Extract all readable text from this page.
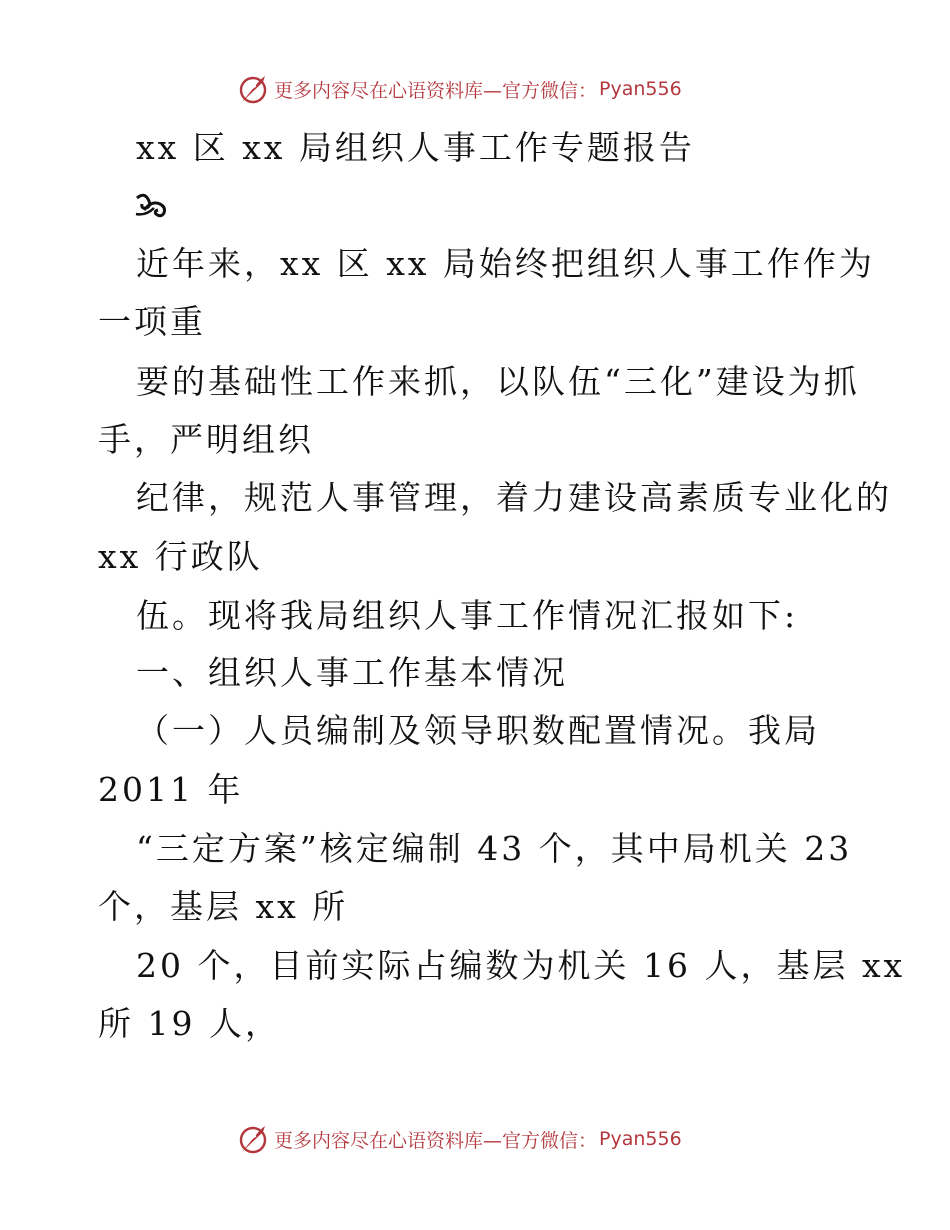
更多内容尽在心语资料库—官方微信： Pyan556
xx 区 xx 局组织人事工作专题报告
近年来，xx 区 xx 局始终把组织人事工作作为
一项重
要的基础性工作来抓，以队伍“三化”建设为抓
手，严明组织
纪律，规范人事管理，着力建设高素质专业化的
xx 行政队
伍。现将我局组织人事工作情况汇报如下:
一、组织人事工作基本情况
（一）人员编制及领导职数配置情况。我局
2011 年
“三定方案”核定编制 43 个，其中局机关 23
个，基层 xx 所
20 个，目前实际占编数为机关 16 人，基层 xx
所 19 人，
更多内容尽在心语资料库—官方微信： Pyan556
